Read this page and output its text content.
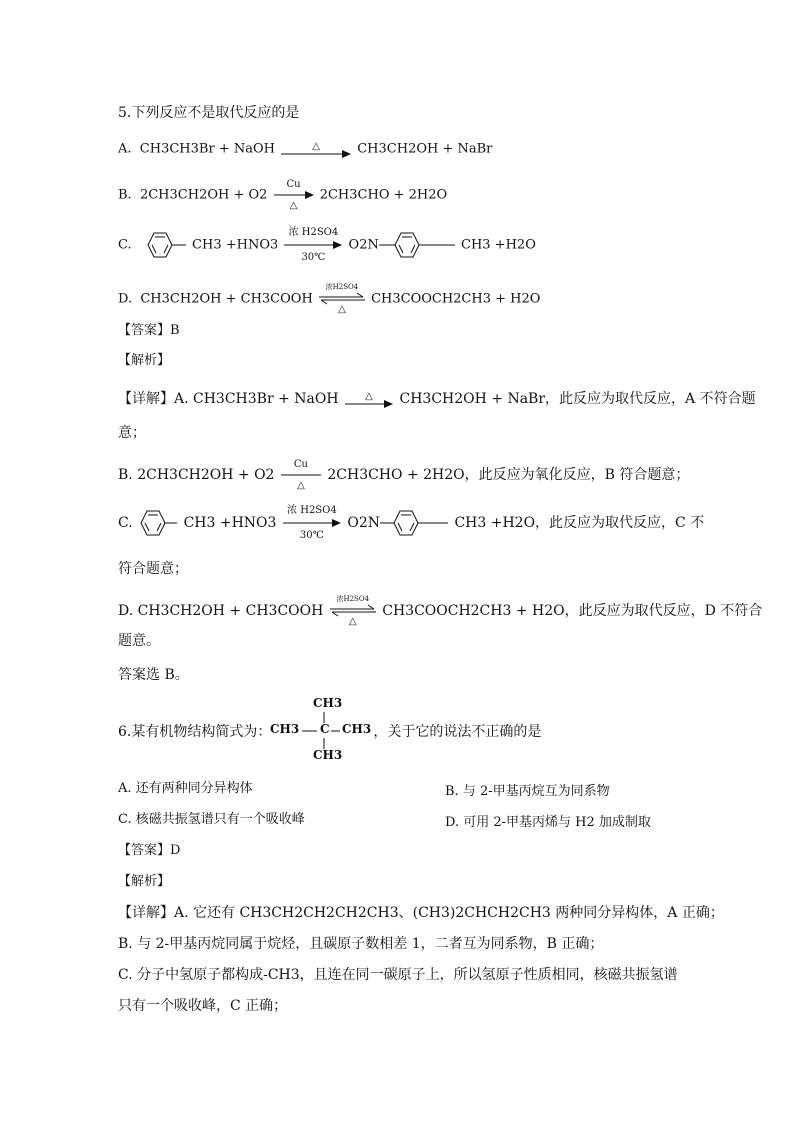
5.下列反应不是取代反应的是
A. CH3CH3Br + NaOH	△	CH3CH2OH + NaBr
B. 2CH3CH2OH + O2
Cu
△
2CH3CHO + 2H2O
C.	CH3 +HNO3
浓 H2SO4
30℃
O2N	CH3 +H2O
D. CH3CH2OH + CH3COOH
浓H2SO4
△
CH3COOCH2CH3 + H2O
【答案】B
【解析】
【详解】A. CH3CH3Br + NaOH	△	CH3CH2OH + NaBr，此反应为取代反应，A 不符合题
意；
B. 2CH3CH2OH + O2
Cu
△
2CH3CHO + 2H2O，此反应为氧化反应，B 符合题意；
C.	CH3 +HNO3
浓 H2SO4
30℃
O2N	CH3 +H2O，此反应为取代反应，C 不
符合题意；
D. CH3CH2OH + CH3COOH
浓H2SO4
△
CH3COOCH2CH3 + H2O，此反应为取代反应，D 不符合
题意。
答案选 B。
6.某有机物结构简式为：	，关于它的说法不正确的是
CH3
CH3 C CH3
CH3
A. 还有两种同分异构体	B. 与 2-甲基丙烷互为同系物
C. 核磁共振氢谱只有一个吸收峰	D. 可用 2-甲基丙烯与 H2 加成制取
【答案】D
【解析】
【详解】A. 它还有 CH3CH2CH2CH2CH3、(CH3)2CHCH2CH3 两种同分异构体，A 正确；
B. 与 2-甲基丙烷同属于烷烃，且碳原子数相差 1，二者互为同系物，B 正确；
C. 分子中氢原子都构成-CH3，且连在同一碳原子上，所以氢原子性质相同，核磁共振氢谱
只有一个吸收峰，C 正确；
